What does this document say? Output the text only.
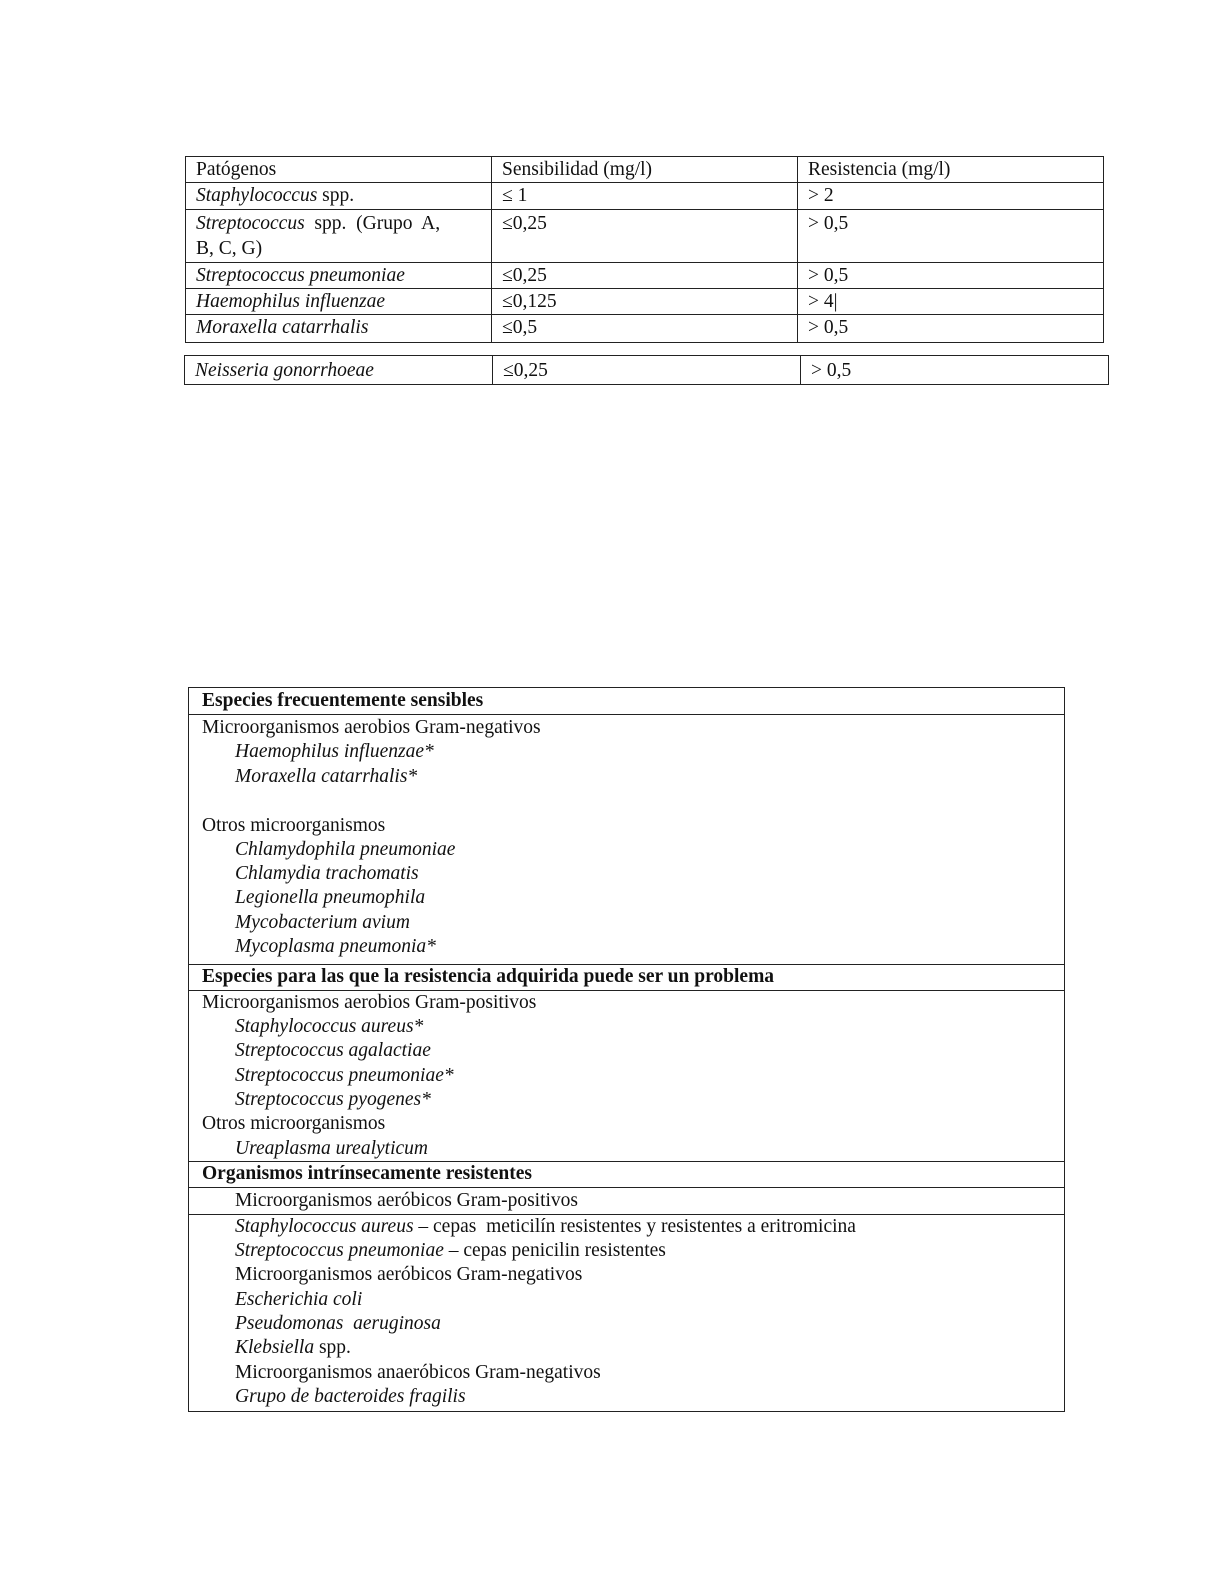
Patógenos	Sensibilidad (mg/l)	Resistencia (mg/l)
Staphylococcus spp.	≤ 1	> 2
Streptococcus  spp.  (Grupo  A,
B, C, G)
≤0,25	> 0,5
Streptococcus pneumoniae	≤0,25	> 0,5
Haemophilus influenzae	≤0,125	> 4|
Moraxella catarrhalis	≤0,5	> 0,5
Neisseria gonorrhoeae	≤0,25	> 0,5
Especies frecuentemente sensibles
Microorganismos aerobios Gram-negativos
Haemophilus influenzae*
Moraxella catarrhalis*
Otros microorganismos
Chlamydophila pneumoniae
Chlamydia trachomatis
Legionella pneumophila
Mycobacterium avium
Mycoplasma pneumonia*
Especies para las que la resistencia adquirida puede ser un problema
Microorganismos aerobios Gram-positivos
Staphylococcus aureus*
Streptococcus agalactiae
Streptococcus pneumoniae*
Streptococcus pyogenes*
Otros microorganismos
Ureaplasma urealyticum
Organismos intrínsecamente resistentes
Microorganismos aeróbicos Gram-positivos
Staphylococcus aureus – cepas  meticilín resistentes y resistentes a eritromicina
Streptococcus pneumoniae – cepas penicilin resistentes
Microorganismos aeróbicos Gram-negativos
Escherichia coli
Pseudomonas  aeruginosa
Klebsiella spp.
Microorganismos anaeróbicos Gram-negativos
Grupo de bacteroides fragilis
